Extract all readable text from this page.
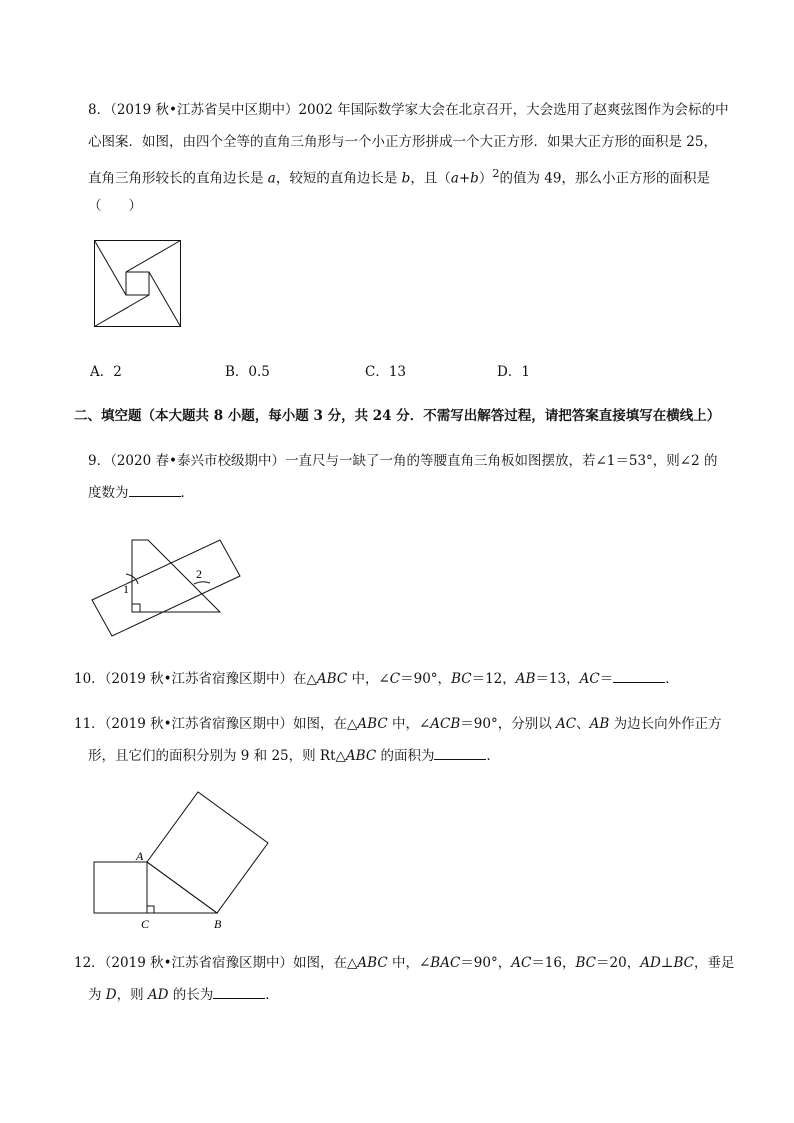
8．（2019 秋•江苏省吴中区期中）2002 年国际数学家大会在北京召开，大会选用了赵爽弦图作为会标的中
心图案．如图，由四个全等的直角三角形与一个小正方形拼成一个大正方形．如果大正方形的面积是 25，
直角三角形较长的直角边长是 a，较短的直角边长是 b，且$(a+b)^2$的值为 49，那么小正方形的面积是
（　　）
A．2	B．0.5	C．13	D．1
二、填空题（本大题共 8 小题，每小题 3 分，共 24 分．不需写出解答过程，请把答案直接填写在横线上）
9．（2020 春•泰兴市校级期中）一直尺与一缺了一角的等腰直角三角板如图摆放，若∠1＝53°，则∠2 的
度数为	．
1
2
10．（2019 秋•江苏省宿豫区期中）在△ABC 中，∠C＝90°，BC＝12，AB＝13，AC＝	．
11．（2019 秋•江苏省宿豫区期中）如图，在△ABC 中，∠ACB＝90°，分别以 AC、AB 为边长向外作正方
形，且它们的面积分别为 9 和 25，则 Rt△ABC 的面积为	．
A
B
C
12．（2019 秋•江苏省宿豫区期中）如图，在△ABC 中，∠BAC＝90°，AC＝16，BC＝20，AD⊥BC，垂足
为 D，则 AD 的长为	．
